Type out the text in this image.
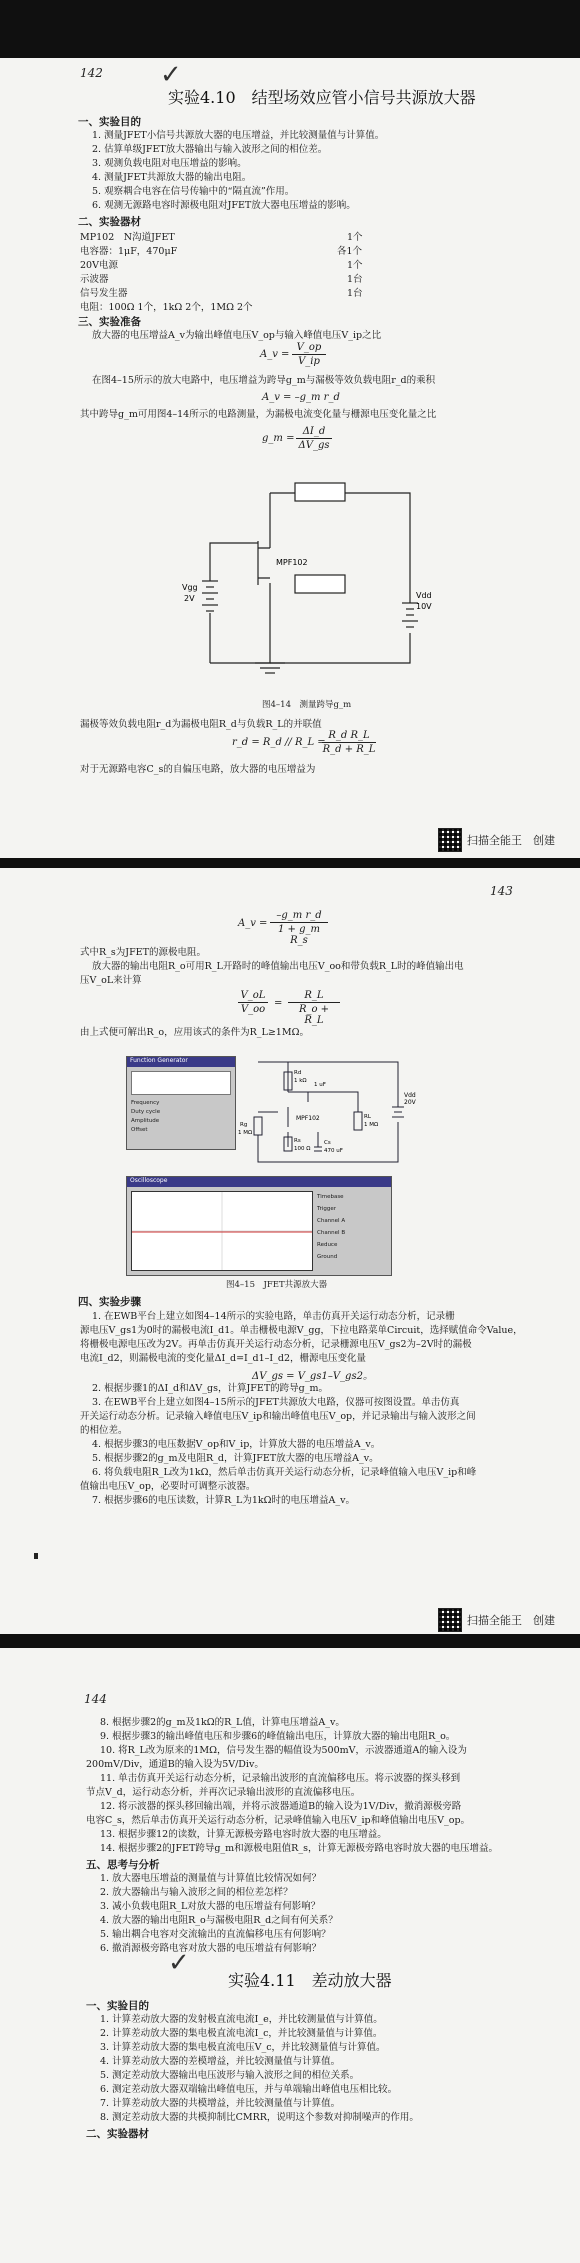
142 ✓
实验4.10　结型场效应管小信号共源放大器
一、实验目的
1. 测量JFET小信号共源放大器的电压增益，并比较测量值与计算值。
2. 估算单级JFET放大器输出与输入波形之间的相位差。
3. 观测负载电阻对电压增益的影响。
4. 测量JFET共源放大器的输出电阻。
5. 观察耦合电容在信号传输中的“隔直流”作用。
6. 观测无源路电容时源极电阻对JFET放大器电压增益的影响。
二、实验器材
MP102　N沟道JFET	1个
电容器：1μF，470μF	各1个
20V电源	1个
示波器	1台
信号发生器	1台
电阻：100Ω 1个，1kΩ 2个，1MΩ 2个
三、实验准备
放大器的电压增益A_v为输出峰值电压V_op与输入峰值电压V_ip之比
A_v =
V_op
V_ip
在图4–15所示的放大电路中，电压增益为跨导g_m与漏极等效负载电阻r_d的乘积
A_v = –g_m r_d
其中跨导g_m可用图4–14所示的电路测量，为漏极电流变化量与栅源电压变化量之比
g_m =
ΔI_d
ΔV_gs
MPF102
Vdd
10V
Vgg
2V
图4–14　测量跨导g_m
漏极等效负载电阻r_d为漏极电阻R_d与负载R_L的并联值
r_d = R_d // R_L =
R_d R_L
R_d + R_L
对于无源路电容C_s的自偏压电路，放大器的电压增益为
扫描全能王　创建
143
A_v =
–g_m r_d
1 + g_m R_s
式中R_s为JFET的源极电阻。
放大器的输出电阻R_o可用R_L开路时的峰值输出电压V_oo和带负载R_L时的峰值输出电
压V_oL来计算
V_oL
V_oo
=
R_L
R_o + R_L
由上式便可解出R_o，应用该式的条件为R_L≥1MΩ。
Function Generator
Frequency
Duty cycle
Amplitude
Offset
MPF102
Vdd
20V
Rd
1 kΩ
1 uF
RL
1 MΩ
Rg
1 MΩ
Rs
100 Ω
Cs
470 uF
Oscilloscope
Timebase
Trigger
Channel A
Channel B
Reduce
Ground
图4–15　JFET共源放大器
四、实验步骤
1. 在EWB平台上建立如图4–14所示的实验电路，单击仿真开关运行动态分析，记录栅
源电压V_gs1为0时的漏极电流I_d1。单击栅极电源V_gg，下拉电路菜单Circuit，选择赋值命令Value，
将栅极电源电压改为2V。再单击仿真开关运行动态分析，记录栅源电压V_gs2为–2V时的漏极
电流I_d2，则漏极电流的变化量ΔI_d=I_d1–I_d2，栅源电压变化量
ΔV_gs = V_gs1–V_gs2。
2. 根据步骤1的ΔI_d和ΔV_gs，计算JFET的跨导g_m。
3. 在EWB平台上建立如图4–15所示的JFET共源放大电路，仪器可按图设置。单击仿真
开关运行动态分析。记录输入峰值电压V_ip和输出峰值电压V_op，并记录输出与输入波形之间
的相位差。
4. 根据步骤3的电压数据V_op和V_ip，计算放大器的电压增益A_v。
5. 根据步骤2的g_m及电阻R_d，计算JFET放大器的电压增益A_v。
6. 将负载电阻R_L改为1kΩ，然后单击仿真开关运行动态分析，记录峰值输入电压V_ip和峰
值输出电压V_op，必要时可调整示波器。
7. 根据步骤6的电压读数，计算R_L为1kΩ时的电压增益A_v。
扫描全能王　创建
144
8. 根据步骤2的g_m及1kΩ的R_L值，计算电压增益A_v。
9. 根据步骤3的输出峰值电压和步骤6的峰值输出电压，计算放大器的输出电阻R_o。
10. 将R_L改为原来的1MΩ，信号发生器的幅值设为500mV，示波器通道A的输入设为
200mV/Div，通道B的输入设为5V/Div。
11. 单击仿真开关运行动态分析，记录输出波形的直流偏移电压。将示波器的探头移到
节点V_d，运行动态分析，并再次记录输出波形的直流偏移电压。
12. 将示波器的探头移回输出端，并将示波器通道B的输入设为1V/Div，撤消源极旁路
电容C_s，然后单击仿真开关运行动态分析，记录峰值输入电压V_ip和峰值输出电压V_op。
13. 根据步骤12的读数，计算无源极旁路电容时放大器的电压增益。
14. 根据步骤2的JFET跨导g_m和源极电阻值R_s，计算无源极旁路电容时放大器的电压增益。
五、思考与分析
1. 放大器电压增益的测量值与计算值比较情况如何？
2. 放大器输出与输入波形之间的相位差怎样？
3. 减小负载电阻R_L对放大器的电压增益有何影响？
4. 放大器的输出电阻R_o与漏极电阻R_d之间有何关系？
5. 输出耦合电容对交流输出的直流偏移电压有何影响？
6. 撤消源极旁路电容对放大器的电压增益有何影响？
✓
实验4.11　差动放大器
一、实验目的
1. 计算差动放大器的发射极直流电流I_e，并比较测量值与计算值。
2. 计算差动放大器的集电极直流电流I_c，并比较测量值与计算值。
3. 计算差动放大器的集电极直流电压V_c，并比较测量值与计算值。
4. 计算差动放大器的差模增益，并比较测量值与计算值。
5. 测定差动放大器输出电压波形与输入波形之间的相位关系。
6. 测定差动放大器双端输出峰值电压，并与单端输出峰值电压相比较。
7. 计算差动放大器的共模增益，并比较测量值与计算值。
8. 测定差动放大器的共模抑制比CMRR，说明这个参数对抑制噪声的作用。
二、实验器材
